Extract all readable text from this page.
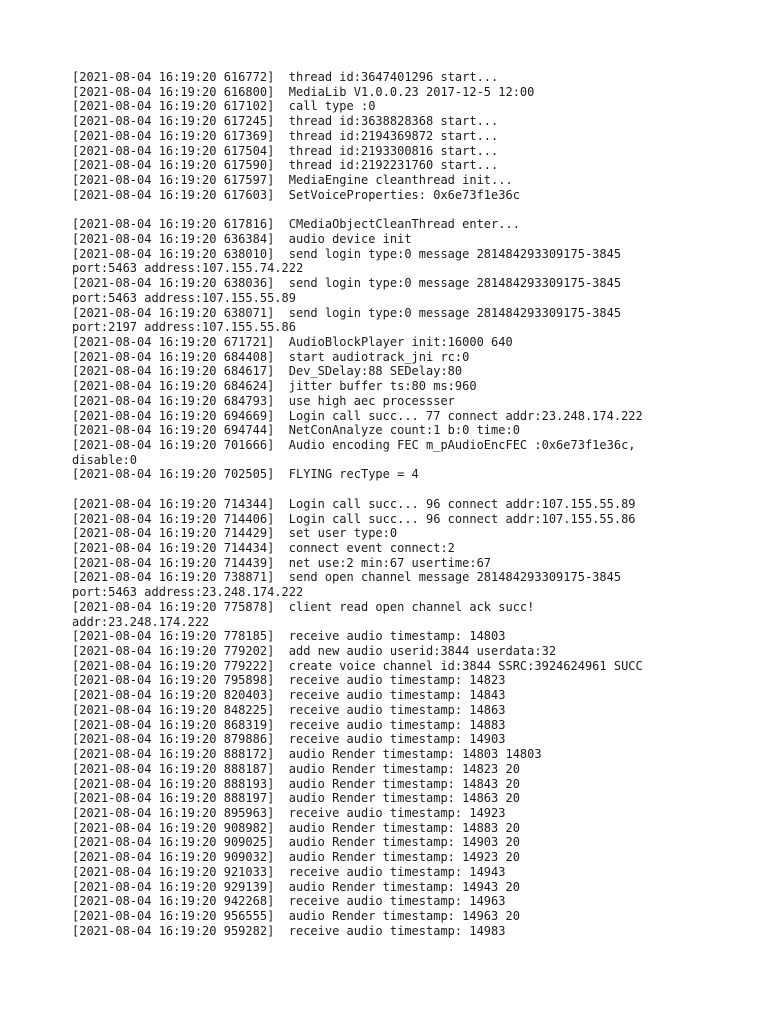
[2021-08-04 16:19:20 616772]  thread id:3647401296 start...
[2021-08-04 16:19:20 616800]  MediaLib V1.0.0.23 2017-12-5 12:00
[2021-08-04 16:19:20 617102]  call type :0
[2021-08-04 16:19:20 617245]  thread id:3638828368 start...
[2021-08-04 16:19:20 617369]  thread id:2194369872 start...
[2021-08-04 16:19:20 617504]  thread id:2193300816 start...
[2021-08-04 16:19:20 617590]  thread id:2192231760 start...
[2021-08-04 16:19:20 617597]  MediaEngine cleanthread init...
[2021-08-04 16:19:20 617603]  SetVoiceProperties: 0x6e73f1e36c
[2021-08-04 16:19:20 617816]  CMediaObjectCleanThread enter...
[2021-08-04 16:19:20 636384]  audio device init
[2021-08-04 16:19:20 638010]  send login type:0 message 281484293309175-3845
port:5463 address:107.155.74.222
[2021-08-04 16:19:20 638036]  send login type:0 message 281484293309175-3845
port:5463 address:107.155.55.89
[2021-08-04 16:19:20 638071]  send login type:0 message 281484293309175-3845
port:2197 address:107.155.55.86
[2021-08-04 16:19:20 671721]  AudioBlockPlayer init:16000 640
[2021-08-04 16:19:20 684408]  start audiotrack_jni rc:0
[2021-08-04 16:19:20 684617]  Dev_SDelay:88 SEDelay:80
[2021-08-04 16:19:20 684624]  jitter buffer ts:80 ms:960
[2021-08-04 16:19:20 684793]  use high aec processser
[2021-08-04 16:19:20 694669]  Login call succ... 77 connect addr:23.248.174.222
[2021-08-04 16:19:20 694744]  NetConAnalyze count:1 b:0 time:0
[2021-08-04 16:19:20 701666]  Audio encoding FEC m_pAudioEncFEC :0x6e73f1e36c,
disable:0
[2021-08-04 16:19:20 702505]  FLYING recType = 4
[2021-08-04 16:19:20 714344]  Login call succ... 96 connect addr:107.155.55.89
[2021-08-04 16:19:20 714406]  Login call succ... 96 connect addr:107.155.55.86
[2021-08-04 16:19:20 714429]  set user type:0
[2021-08-04 16:19:20 714434]  connect event connect:2
[2021-08-04 16:19:20 714439]  net use:2 min:67 usertime:67
[2021-08-04 16:19:20 738871]  send open channel message 281484293309175-3845
port:5463 address:23.248.174.222
[2021-08-04 16:19:20 775878]  client read open channel ack succ!
addr:23.248.174.222
[2021-08-04 16:19:20 778185]  receive audio timestamp: 14803
[2021-08-04 16:19:20 779202]  add new audio userid:3844 userdata:32
[2021-08-04 16:19:20 779222]  create voice channel id:3844 SSRC:3924624961 SUCC
[2021-08-04 16:19:20 795898]  receive audio timestamp: 14823
[2021-08-04 16:19:20 820403]  receive audio timestamp: 14843
[2021-08-04 16:19:20 848225]  receive audio timestamp: 14863
[2021-08-04 16:19:20 868319]  receive audio timestamp: 14883
[2021-08-04 16:19:20 879886]  receive audio timestamp: 14903
[2021-08-04 16:19:20 888172]  audio Render timestamp: 14803 14803
[2021-08-04 16:19:20 888187]  audio Render timestamp: 14823 20
[2021-08-04 16:19:20 888193]  audio Render timestamp: 14843 20
[2021-08-04 16:19:20 888197]  audio Render timestamp: 14863 20
[2021-08-04 16:19:20 895963]  receive audio timestamp: 14923
[2021-08-04 16:19:20 908982]  audio Render timestamp: 14883 20
[2021-08-04 16:19:20 909025]  audio Render timestamp: 14903 20
[2021-08-04 16:19:20 909032]  audio Render timestamp: 14923 20
[2021-08-04 16:19:20 921033]  receive audio timestamp: 14943
[2021-08-04 16:19:20 929139]  audio Render timestamp: 14943 20
[2021-08-04 16:19:20 942268]  receive audio timestamp: 14963
[2021-08-04 16:19:20 956555]  audio Render timestamp: 14963 20
[2021-08-04 16:19:20 959282]  receive audio timestamp: 14983
